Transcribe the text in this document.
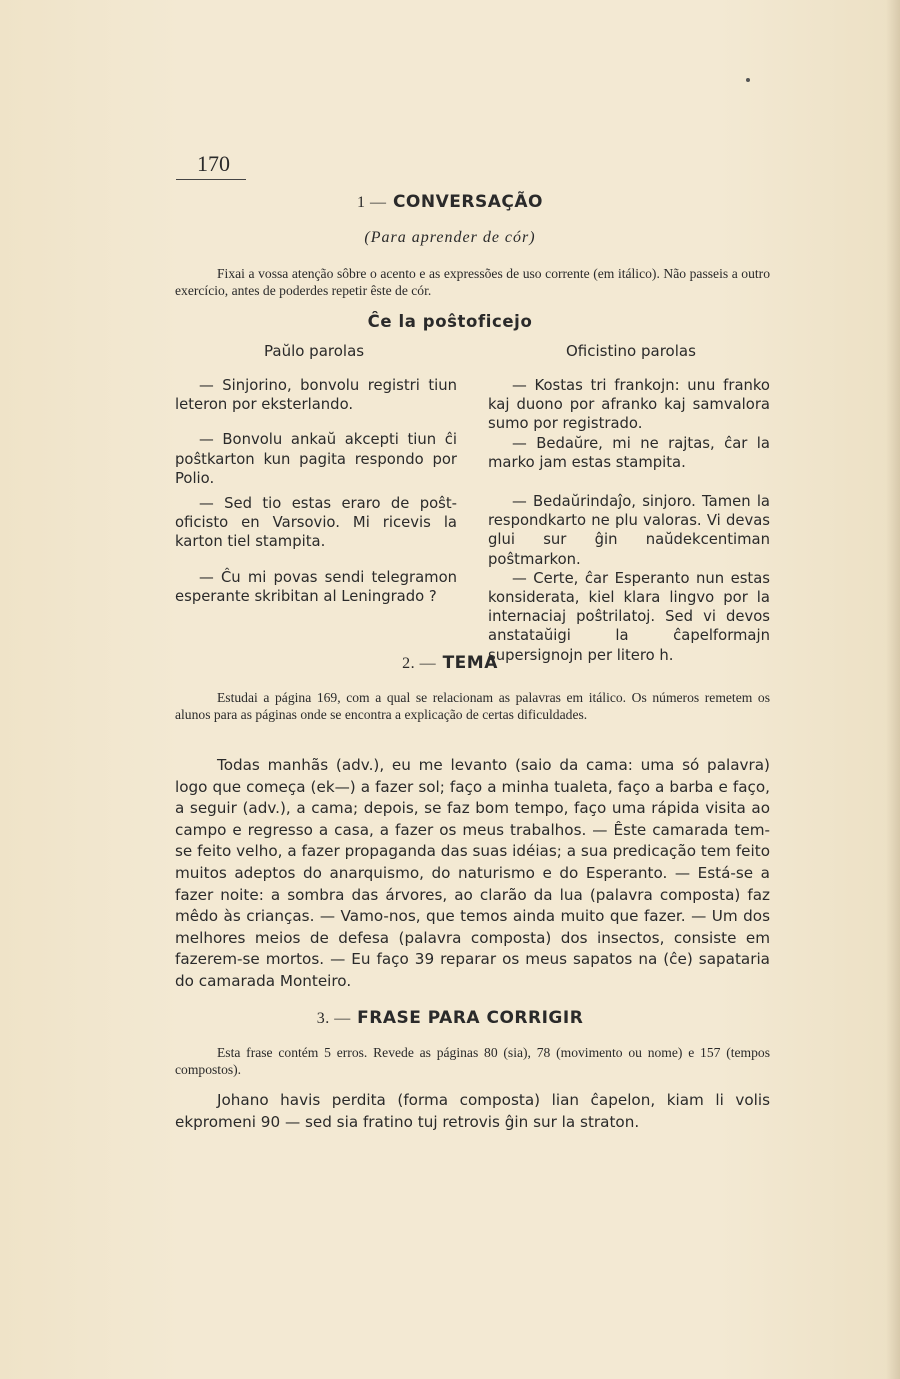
170
1 — CONVERSAÇÃO
(Para aprender de cór)
Fixai a vossa atenção sôbre o acento e as expressões de uso corrente (em itálico). Não passeis a outro exercício, antes de poderdes repetir êste de cór.
Ĉe la poŝtoficejo
Paŭlo parolas	Oficistino parolas

— Sinjorino, bonvolu registri tiun leteron por eksterlando.

— Bonvolu ankaŭ akcepti tiun ĉi poŝtkarton kun pagita respondo por Polio.

— Sed tio estas eraro de poŝt-oficisto en Varsovio. Mi ricevis la karton tiel stampita.

— Ĉu mi povas sendi telegramon esperante skribitan al Leningrado ?

— Kostas tri frankojn: unu franko kaj duono por afranko kaj samvalora sumo por registrado.

— Bedaŭre, mi ne rajtas, ĉar la marko jam estas stampita.

— Bedaŭrindaĵo, sinjoro. Tamen la respondkarto ne plu valoras. Vi devas glui sur ĝin naŭdekcentiman poŝtmarkon.

— Certe, ĉar Esperanto nun estas konsiderata, kiel klara lingvo por la internaciaj poŝtrilatoj. Sed vi devos anstataŭigi la ĉapelformajn supersignojn per litero h.

2. — TEMA
Estudai a página 169, com a qual se relacionam as palavras em itálico. Os números remetem os alunos para as páginas onde se encontra a explicação de certas dificuldades.

Todas manhãs (adv.), eu me levanto (saio da cama: uma só palavra) logo que começa (ek—) a fazer sol; faço a minha tualeta, faço a barba e faço, a seguir (adv.), a cama; depois, se faz bom tempo, faço uma rápida visita ao campo e regresso a casa, a fazer os meus trabalhos. — Êste camarada tem-se feito velho, a fazer propaganda das suas idéias; a sua predicação tem feito muitos adeptos do anarquismo, do naturismo e do Esperanto. — Está-se a fazer noite: a sombra das árvores, ao clarão da lua (palavra composta) faz mêdo às crianças. — Vamo-nos, que temos ainda muito que fazer. — Um dos melhores meios de defesa (palavra composta) dos insectos, consiste em fazerem-se mortos. — Eu faço 39 reparar os meus sapatos na (ĉe) sapataria do camarada Monteiro.

3. — FRASE PARA CORRIGIR
Esta frase contém 5 erros. Revede as páginas 80 (sia), 78 (movimento ou nome) e 157 (tempos compostos).

Johano havis perdita (forma composta) lian ĉapelon, kiam li volis ekpromeni 90 — sed sia fratino tuj retrovis ĝin sur la straton.
